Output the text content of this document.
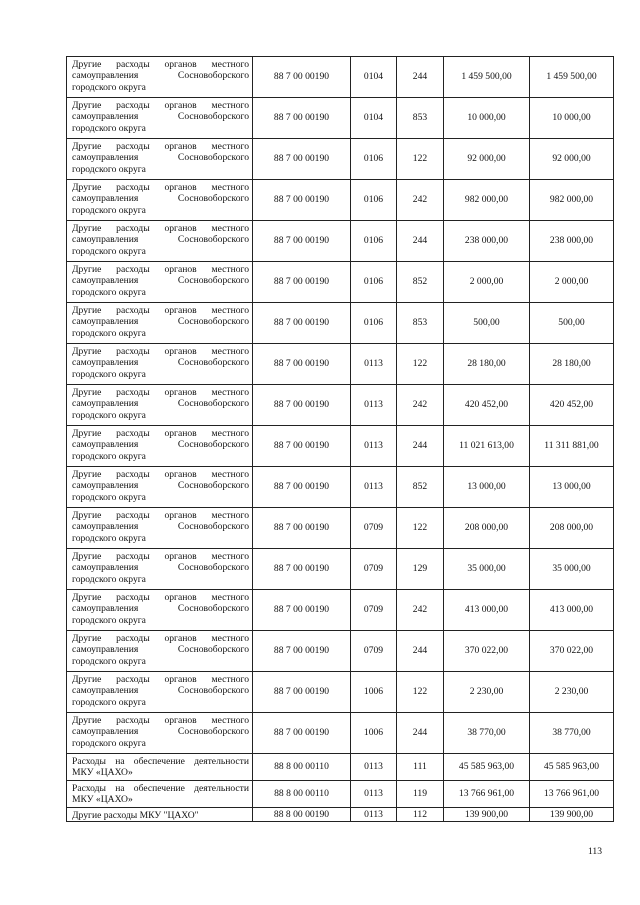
Другие расходы органов местного самоуправления Сосновоборского городского округа	88 7 00 00190	0104	244	1 459 500,00	1 459 500,00
Другие расходы органов местного самоуправления Сосновоборского городского округа	88 7 00 00190	0104	853	10 000,00	10 000,00
Другие расходы органов местного самоуправления Сосновоборского городского округа	88 7 00 00190	0106	122	92 000,00	92 000,00
Другие расходы органов местного самоуправления Сосновоборского городского округа	88 7 00 00190	0106	242	982 000,00	982 000,00
Другие расходы органов местного самоуправления Сосновоборского городского округа	88 7 00 00190	0106	244	238 000,00	238 000,00
Другие расходы органов местного самоуправления Сосновоборского городского округа	88 7 00 00190	0106	852	2 000,00	2 000,00
Другие расходы органов местного самоуправления Сосновоборского городского округа	88 7 00 00190	0106	853	500,00	500,00
Другие расходы органов местного самоуправления Сосновоборского городского округа	88 7 00 00190	0113	122	28 180,00	28 180,00
Другие расходы органов местного самоуправления Сосновоборского городского округа	88 7 00 00190	0113	242	420 452,00	420 452,00
Другие расходы органов местного самоуправления Сосновоборского городского округа	88 7 00 00190	0113	244	11 021 613,00	11 311 881,00
Другие расходы органов местного самоуправления Сосновоборского городского округа	88 7 00 00190	0113	852	13 000,00	13 000,00
Другие расходы органов местного самоуправления Сосновоборского городского округа	88 7 00 00190	0709	122	208 000,00	208 000,00
Другие расходы органов местного самоуправления Сосновоборского городского округа	88 7 00 00190	0709	129	35 000,00	35 000,00
Другие расходы органов местного самоуправления Сосновоборского городского округа	88 7 00 00190	0709	242	413 000,00	413 000,00
Другие расходы органов местного самоуправления Сосновоборского городского округа	88 7 00 00190	0709	244	370 022,00	370 022,00
Другие расходы органов местного самоуправления Сосновоборского городского округа	88 7 00 00190	1006	122	2 230,00	2 230,00
Другие расходы органов местного самоуправления Сосновоборского городского округа	88 7 00 00190	1006	244	38 770,00	38 770,00
Расходы на обеспечение деятельности МКУ «ЦАХО»	88 8 00 00110	0113	111	45 585 963,00	45 585 963,00
Расходы на обеспечение деятельности МКУ «ЦАХО»	88 8 00 00110	0113	119	13 766 961,00	13 766 961,00
Другие расходы МКУ "ЦАХО"	88 8 00 00190	0113	112	139 900,00	139 900,00
113
